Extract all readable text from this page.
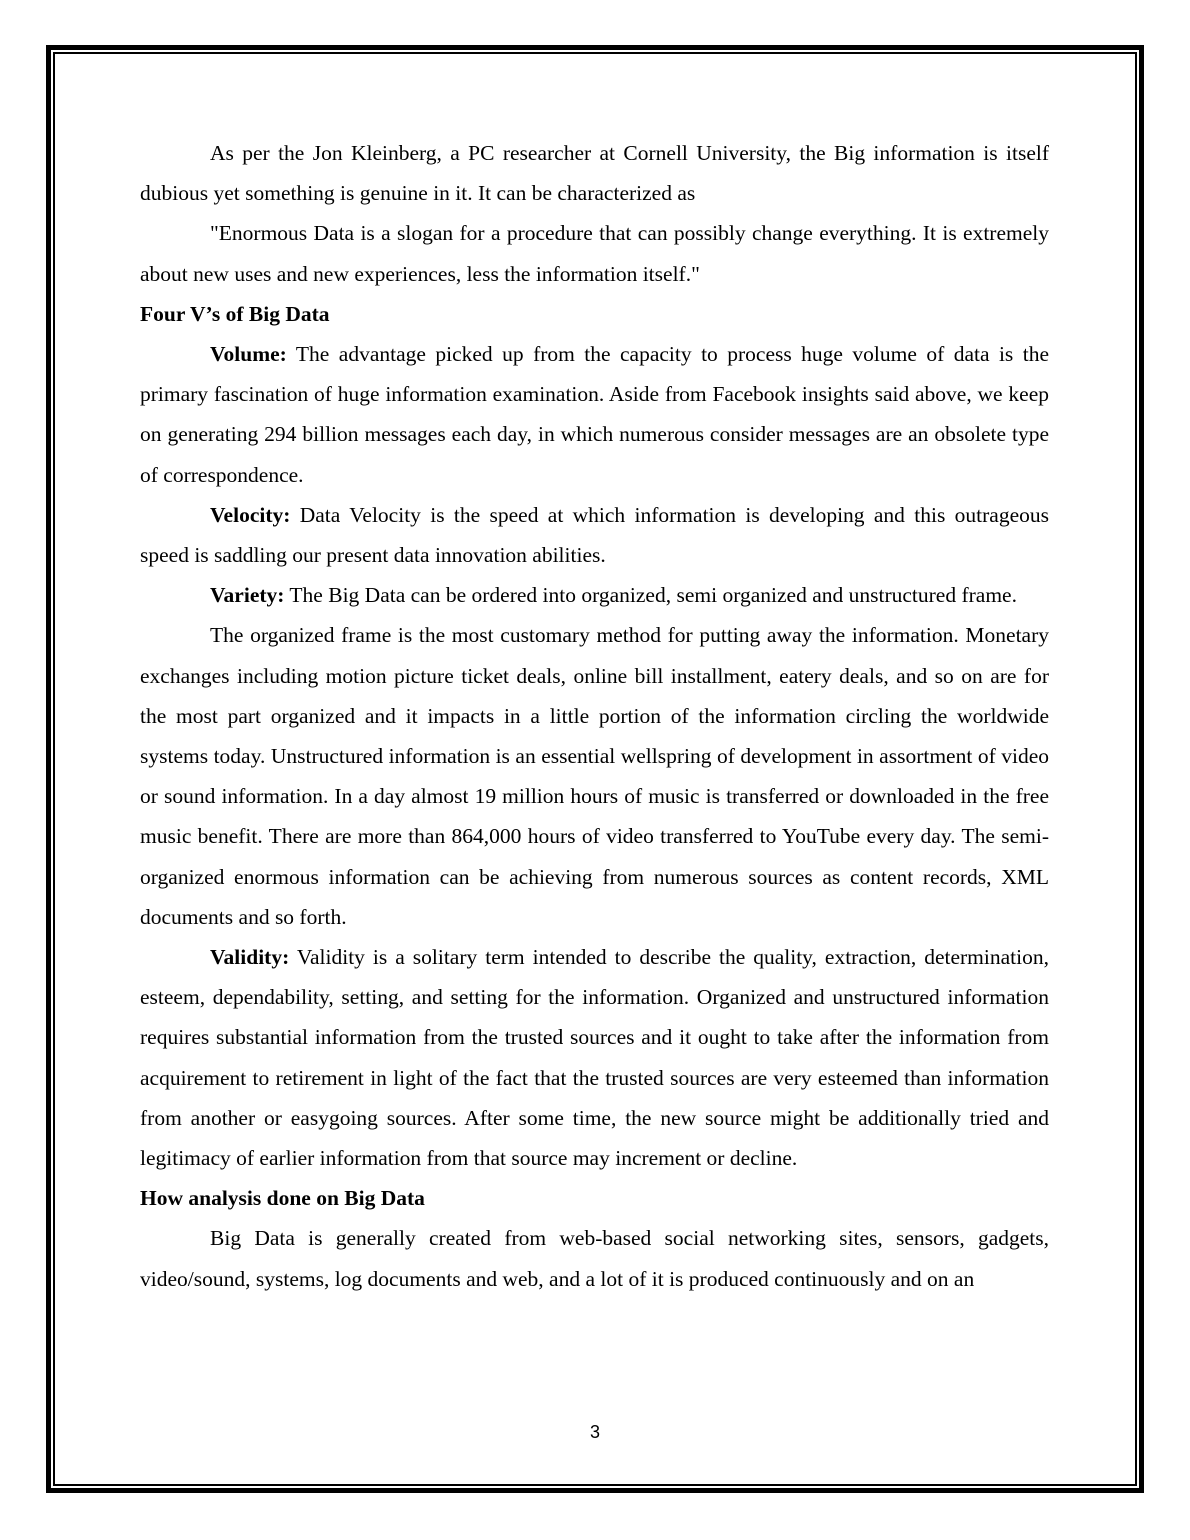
As per the Jon Kleinberg, a PC researcher at Cornell University, the Big information is itself dubious yet something is genuine in it. It can be characterized as

"Enormous Data is a slogan for a procedure that can possibly change everything. It is extremely about new uses and new experiences, less the information itself."

Four V’s of Big Data

Volume: The advantage picked up from the capacity to process huge volume of data is the primary fascination of huge information examination. Aside from Facebook insights said above, we keep on generating 294 billion messages each day, in which numerous consider messages are an obsolete type of correspondence.

Velocity: Data Velocity is the speed at which information is developing and this outrageous speed is saddling our present data innovation abilities.

Variety: The Big Data can be ordered into organized, semi organized and unstructured frame.

The organized frame is the most customary method for putting away the information. Monetary exchanges including motion picture ticket deals, online bill installment, eatery deals, and so on are for the most part organized and it impacts in a little portion of the information circling the worldwide systems today. Unstructured information is an essential wellspring of development in assortment of video or sound information. In a day almost 19 million hours of music is transferred or downloaded in the free music benefit. There are more than 864,000 hours of video transferred to YouTube every day. The semi-organized enormous information can be achieving from numerous sources as content records, XML documents and so forth.

Validity: Validity is a solitary term intended to describe the quality, extraction, determination, esteem, dependability, setting, and setting for the information. Organized and unstructured information requires substantial information from the trusted sources and it ought to take after the information from acquirement to retirement in light of the fact that the trusted sources are very esteemed than information from another or easygoing sources. After some time, the new source might be additionally tried and legitimacy of earlier information from that source may increment or decline.

How analysis done on Big Data

Big Data is generally created from web-based social networking sites, sensors, gadgets, video/sound, systems, log documents and web, and a lot of it is produced continuously and on an

3
